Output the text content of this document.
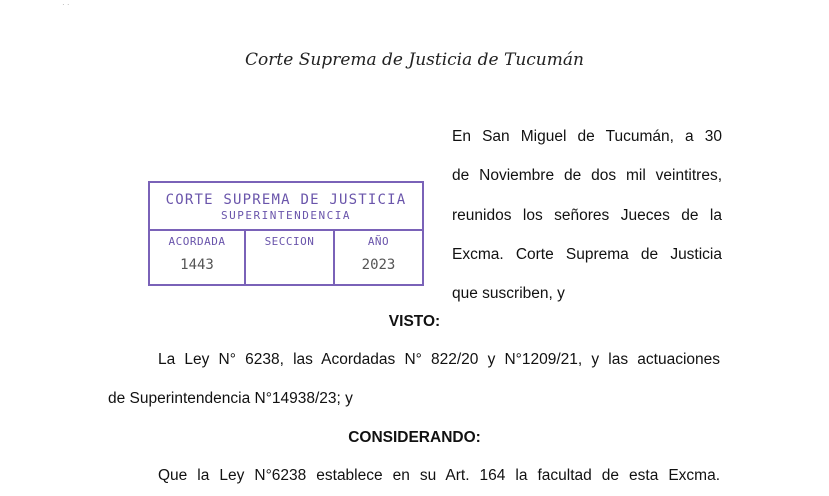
· ·
Corte Suprema de Justicia de Tucumán
En San Miguel de Tucumán, a 30
de Noviembre de dos mil veintitres,
reunidos los señores Jueces de la
Excma. Corte Suprema de Justicia
que suscriben, y
CORTE SUPREMA DE JUSTICIA
SUPERINTENDENCIA
ACORDADA
1443
SECCION	AÑO
2023
VISTO:
La Ley N° 6238, las Acordadas N° 822/20 y N°1209/21, y las actuaciones
de Superintendencia N°14938/23; y
CONSIDERANDO:
Que la Ley N°6238 establece en su Art. 164 la facultad de esta Excma.
